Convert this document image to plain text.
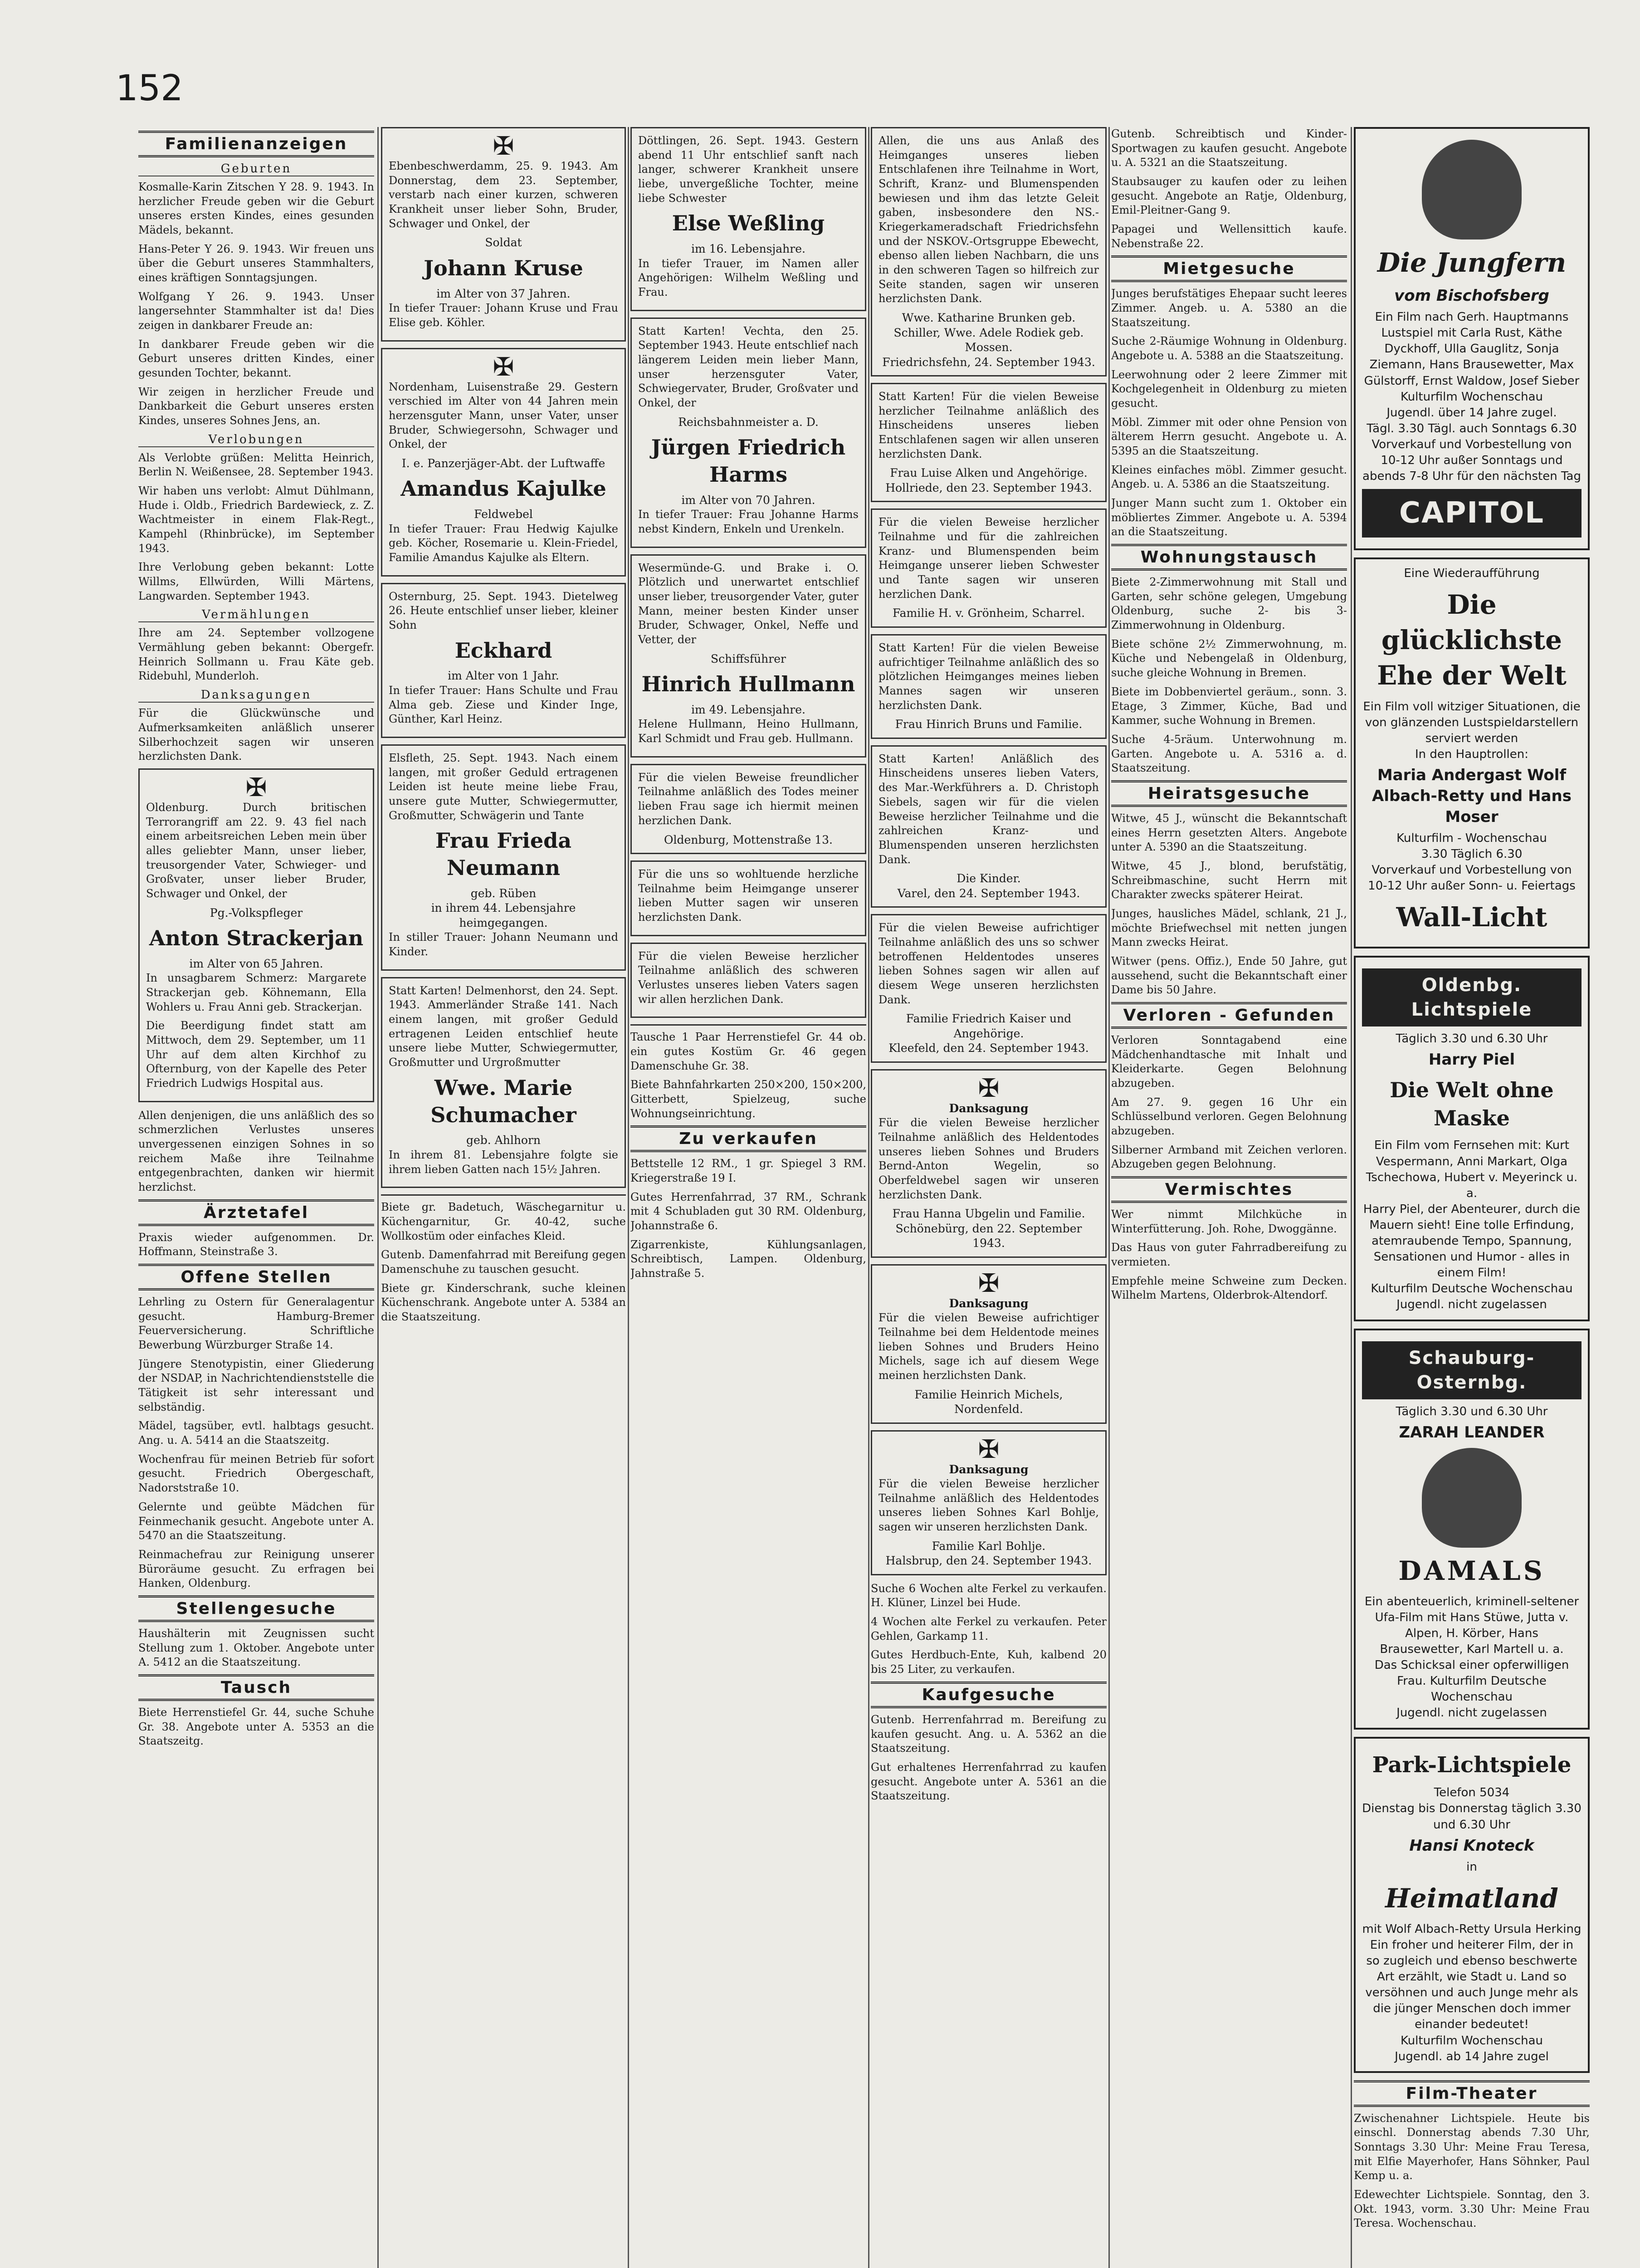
152
Familienanzeigen
Geburten

Kosmalle-Karin Zitschen Y 28. 9. 1943. In herzlicher Freude geben wir die Geburt unseres ersten Kindes, eines gesunden Mädels, bekannt.

Hans-Peter Y 26. 9. 1943. Wir freuen uns über die Geburt unseres Stammhalters, eines kräftigen Sonntagsjungen.

Wolfgang Y 26. 9. 1943. Unser langersehnter Stammhalter ist da! Dies zeigen in dankbarer Freude an:

In dankbarer Freude geben wir die Geburt unseres dritten Kindes, einer gesunden Tochter, bekannt.

Wir zeigen in herzlicher Freude und Dankbarkeit die Geburt unseres ersten Kindes, unseres Sohnes Jens, an.

Verlobungen

Als Verlobte grüßen: Melitta Heinrich, Berlin N. Weißensee, 28. September 1943.

Wir haben uns verlobt: Almut Dühlmann, Hude i. Oldb., Friedrich Bardewieck, z. Z. Wachtmeister in einem Flak-Regt., Kampehl (Rhinbrücke), im September 1943.

Ihre Verlobung geben bekannt: Lotte Willms, Ellwürden, Willi Märtens, Langwarden. September 1943.

Vermählungen

Ihre am 24. September vollzogene Vermählung geben bekannt: Obergefr. Heinrich Sollmann u. Frau Käte geb. Ridebuhl, Munderloh.

Danksagungen

Für die Glückwünsche und Aufmerksamkeiten anläßlich unserer Silberhochzeit sagen wir unseren herzlichsten Dank.

✠

Oldenburg. Durch britischen Terrorangriff am 22. 9. 43 fiel nach einem arbeitsreichen Leben mein über alles geliebter Mann, unser lieber, treusorgender Vater, Schwieger- und Großvater, unser lieber Bruder, Schwager und Onkel, der

Pg.-Volkspfleger
Anton Strackerjan
im Alter von 65 Jahren.

In unsagbarem Schmerz: Margarete Strackerjan geb. Köhnemann, Ella Wohlers u. Frau Anni geb. Strackerjan.

Die Beerdigung findet statt am Mittwoch, dem 29. September, um 11 Uhr auf dem alten Kirchhof zu Ofternburg, von der Kapelle des Peter Friedrich Ludwigs Hospital aus.

Allen denjenigen, die uns anläßlich des so schmerzlichen Verlustes unseres unvergessenen einzigen Sohnes in so reichem Maße ihre Teilnahme entgegenbrachten, danken wir hiermit herzlichst.

Ärztetafel

Praxis wieder aufgenommen. Dr. Hoffmann, Steinstraße 3.

Offene Stellen

Lehrling zu Ostern für Generalagentur gesucht. Hamburg-Bremer Feuerversicherung. Schriftliche Bewerbung Würzburger Straße 14.

Jüngere Stenotypistin, einer Gliederung der NSDAP, in Nachrichtendienststelle die Tätigkeit ist sehr interessant und selbständig.

Mädel, tagsüber, evtl. halbtags gesucht. Ang. u. A. 5414 an die Staatszeitg.

Wochenfrau für meinen Betrieb für sofort gesucht. Friedrich Obergeschaft, Nadorststraße 10.

Gelernte und geübte Mädchen für Feinmechanik gesucht. Angebote unter A. 5470 an die Staatszeitung.

Reinmachefrau zur Reinigung unserer Büroräume gesucht. Zu erfragen bei Hanken, Oldenburg.

Stellengesuche

Haushälterin mit Zeugnissen sucht Stellung zum 1. Oktober. Angebote unter A. 5412 an die Staatszeitung.

Tausch

Biete Herrenstiefel Gr. 44, suche Schuhe Gr. 38. Angebote unter A. 5353 an die Staatszeitg.

✠

Ebenbeschwerdamm, 25. 9. 1943. Am Donnerstag, dem 23. September, verstarb nach einer kurzen, schweren Krankheit unser lieber Sohn, Bruder, Schwager und Onkel, der

Soldat
Johann Kruse
im Alter von 37 Jahren.

In tiefer Trauer: Johann Kruse und Frau Elise geb. Köhler.

✠

Nordenham, Luisenstraße 29. Gestern verschied im Alter von 44 Jahren mein herzensguter Mann, unser Vater, unser Bruder, Schwiegersohn, Schwager und Onkel, der

I. e. Panzerjäger-Abt. der Luftwaffe
Amandus Kajulke
Feldwebel

In tiefer Trauer: Frau Hedwig Kajulke geb. Köcher, Rosemarie u. Klein-Friedel, Familie Amandus Kajulke als Eltern.

Osternburg, 25. Sept. 1943. Dietelweg 26. Heute entschlief unser lieber, kleiner Sohn

Eckhard
im Alter von 1 Jahr.

In tiefer Trauer: Hans Schulte und Frau Alma geb. Ziese und Kinder Inge, Günther, Karl Heinz.

Elsfleth, 25. Sept. 1943. Nach einem langen, mit großer Geduld ertragenen Leiden ist heute meine liebe Frau, unsere gute Mutter, Schwiegermutter, Großmutter, Schwägerin und Tante

Frau Frieda Neumann
geb. Rüben
in ihrem 44. Lebensjahre heimgegangen.

In stiller Trauer: Johann Neumann und Kinder.

Statt Karten! Delmenhorst, den 24. Sept. 1943. Ammerländer Straße 141. Nach einem langen, mit großer Geduld ertragenen Leiden entschlief heute unsere liebe Mutter, Schwiegermutter, Großmutter und Urgroßmutter

Wwe. Marie Schumacher
geb. Ahlhorn

In ihrem 81. Lebensjahre folgte sie ihrem lieben Gatten nach 15½ Jahren.

Biete gr. Badetuch, Wäschegarnitur u. Küchengarnitur, Gr. 40-42, suche Wollkostüm oder einfaches Kleid.

Gutenb. Damenfahrrad mit Bereifung gegen Damenschuhe zu tauschen gesucht.

Biete gr. Kinderschrank, suche kleinen Küchenschrank. Angebote unter A. 5384 an die Staatszeitung.

Döttlingen, 26. Sept. 1943. Gestern abend 11 Uhr entschlief sanft nach langer, schwerer Krankheit unsere liebe, unvergeßliche Tochter, meine liebe Schwester

Else Weßling
im 16. Lebensjahre.

In tiefer Trauer, im Namen aller Angehörigen: Wilhelm Weßling und Frau.

Statt Karten! Vechta, den 25. September 1943. Heute entschlief nach längerem Leiden mein lieber Mann, unser herzensguter Vater, Schwiegervater, Bruder, Großvater und Onkel, der

Reichsbahnmeister a. D.
Jürgen Friedrich Harms
im Alter von 70 Jahren.

In tiefer Trauer: Frau Johanne Harms nebst Kindern, Enkeln und Urenkeln.

Wesermünde-G. und Brake i. O. Plötzlich und unerwartet entschlief unser lieber, treusorgender Vater, guter Mann, meiner besten Kinder unser Bruder, Schwager, Onkel, Neffe und Vetter, der

Schiffsführer
Hinrich Hullmann
im 49. Lebensjahre.

Helene Hullmann, Heino Hullmann, Karl Schmidt und Frau geb. Hullmann.

Für die vielen Beweise freundlicher Teilnahme anläßlich des Todes meiner lieben Frau sage ich hiermit meinen herzlichen Dank.

Oldenburg, Mottenstraße 13.

Für die uns so wohltuende herzliche Teilnahme beim Heimgange unserer lieben Mutter sagen wir unseren herzlichsten Dank.

Für die vielen Beweise herzlicher Teilnahme anläßlich des schweren Verlustes unseres lieben Vaters sagen wir allen herzlichen Dank.

Tausche 1 Paar Herrenstiefel Gr. 44 ob. ein gutes Kostüm Gr. 46 gegen Damenschuhe Gr. 38.

Biete Bahnfahrkarten 250×200, 150×200, Gitterbett, Spielzeug, suche Wohnungseinrichtung.

Zu verkaufen

Bettstelle 12 RM., 1 gr. Spiegel 3 RM. Kriegerstraße 19 I.

Gutes Herrenfahrrad, 37 RM., Schrank mit 4 Schubladen gut 30 RM. Oldenburg, Johannstraße 6.

Zigarrenkiste, Kühlungsanlagen, Schreibtisch, Lampen. Oldenburg, Jahnstraße 5.

Allen, die uns aus Anlaß des Heimganges unseres lieben Entschlafenen ihre Teilnahme in Wort, Schrift, Kranz- und Blumenspenden bewiesen und ihm das letzte Geleit gaben, insbesondere den NS.-Kriegerkameradschaft Friedrichsfehn und der NSKOV.-Ortsgruppe Ebewecht, ebenso allen lieben Nachbarn, die uns in den schweren Tagen so hilfreich zur Seite standen, sagen wir unseren herzlichsten Dank.

Wwe. Katharine Brunken geb. Schiller, Wwe. Adele Rodiek geb. Mossen.
Friedrichsfehn, 24. September 1943.

Statt Karten! Für die vielen Beweise herzlicher Teilnahme anläßlich des Hinscheidens unseres lieben Entschlafenen sagen wir allen unseren herzlichsten Dank.

Frau Luise Alken und Angehörige.
Hollriede, den 23. September 1943.

Für die vielen Beweise herzlicher Teilnahme und für die zahlreichen Kranz- und Blumenspenden beim Heimgange unserer lieben Schwester und Tante sagen wir unseren herzlichen Dank.

Familie H. v. Grönheim, Scharrel.

Statt Karten! Für die vielen Beweise aufrichtiger Teilnahme anläßlich des so plötzlichen Heimganges meines lieben Mannes sagen wir unseren herzlichsten Dank.

Frau Hinrich Bruns und Familie.

Statt Karten! Anläßlich des Hinscheidens unseres lieben Vaters, des Mar.-Werkführers a. D. Christoph Siebels, sagen wir für die vielen Beweise herzlicher Teilnahme und die zahlreichen Kranz- und Blumenspenden unseren herzlichsten Dank.

Die Kinder.
Varel, den 24. September 1943.

Für die vielen Beweise aufrichtiger Teilnahme anläßlich des uns so schwer betroffenen Heldentodes unseres lieben Sohnes sagen wir allen auf diesem Wege unseren herzlichsten Dank.

Familie Friedrich Kaiser und Angehörige.
Kleefeld, den 24. September 1943.
✠
Danksagung

Für die vielen Beweise herzlicher Teilnahme anläßlich des Heldentodes unseres lieben Sohnes und Bruders Bernd-Anton Wegelin, so Oberfeldwebel sagen wir unseren herzlichsten Dank.

Frau Hanna Ubgelin und Familie.
Schönebürg, den 22. September 1943.
✠
Danksagung

Für die vielen Beweise aufrichtiger Teilnahme bei dem Heldentode meines lieben Sohnes und Bruders Heino Michels, sage ich auf diesem Wege meinen herzlichsten Dank.

Familie Heinrich Michels, Nordenfeld.
✠
Danksagung

Für die vielen Beweise herzlicher Teilnahme anläßlich des Heldentodes unseres lieben Sohnes Karl Bohlje, sagen wir unseren herzlichsten Dank.

Familie Karl Bohlje.
Halsbrup, den 24. September 1943.

Suche 6 Wochen alte Ferkel zu verkaufen. H. Klüner, Linzel bei Hude.

4 Wochen alte Ferkel zu verkaufen. Peter Gehlen, Garkamp 11.

Gutes Herdbuch-Ente, Kuh, kalbend 20 bis 25 Liter, zu verkaufen.

Kaufgesuche

Gutenb. Herrenfahrrad m. Bereifung zu kaufen gesucht. Ang. u. A. 5362 an die Staatszeitung.

Gut erhaltenes Herrenfahrrad zu kaufen gesucht. Angebote unter A. 5361 an die Staatszeitung.

Gutenb. Schreibtisch und Kinder-Sportwagen zu kaufen gesucht. Angebote u. A. 5321 an die Staatszeitung.

Staubsauger zu kaufen oder zu leihen gesucht. Angebote an Ratje, Oldenburg, Emil-Pleitner-Gang 9.

Papagei und Wellensittich kaufe. Nebenstraße 22.

Mietgesuche

Junges berufstätiges Ehepaar sucht leeres Zimmer. Angeb. u. A. 5380 an die Staatszeitung.

Suche 2-Räumige Wohnung in Oldenburg. Angebote u. A. 5388 an die Staatszeitung.

Leerwohnung oder 2 leere Zimmer mit Kochgelegenheit in Oldenburg zu mieten gesucht.

Möbl. Zimmer mit oder ohne Pension von älterem Herrn gesucht. Angebote u. A. 5395 an die Staatszeitung.

Kleines einfaches möbl. Zimmer gesucht. Angeb. u. A. 5386 an die Staatszeitung.

Junger Mann sucht zum 1. Oktober ein möbliertes Zimmer. Angebote u. A. 5394 an die Staatszeitung.

Wohnungstausch

Biete 2-Zimmerwohnung mit Stall und Garten, sehr schöne gelegen, Umgebung Oldenburg, suche 2- bis 3-Zimmerwohnung in Oldenburg.

Biete schöne 2½ Zimmerwohnung, m. Küche und Nebengelaß in Oldenburg, suche gleiche Wohnung in Bremen.

Biete im Dobbenviertel geräum., sonn. 3. Etage, 3 Zimmer, Küche, Bad und Kammer, suche Wohnung in Bremen.

Suche 4-5räum. Unterwohnung m. Garten. Angebote u. A. 5316 a. d. Staatszeitung.

Heiratsgesuche

Witwe, 45 J., wünscht die Bekanntschaft eines Herrn gesetzten Alters. Angebote unter A. 5390 an die Staatszeitung.

Witwe, 45 J., blond, berufstätig, Schreibmaschine, sucht Herrn mit Charakter zwecks späterer Heirat.

Junges, hausliches Mädel, schlank, 21 J., möchte Briefwechsel mit netten jungen Mann zwecks Heirat.

Witwer (pens. Offiz.), Ende 50 Jahre, gut aussehend, sucht die Bekanntschaft einer Dame bis 50 Jahre.

Verloren - Gefunden

Verloren Sonntagabend eine Mädchenhandtasche mit Inhalt und Kleiderkarte. Gegen Belohnung abzugeben.

Am 27. 9. gegen 16 Uhr ein Schlüsselbund verloren. Gegen Belohnung abzugeben.

Silberner Armband mit Zeichen verloren. Abzugeben gegen Belohnung.

Vermischtes

Wer nimmt Milchküche in Winterfütterung. Joh. Rohe, Dwoggänne.

Das Haus von guter Fahrradbereifung zu vermieten.

Empfehle meine Schweine zum Decken. Wilhelm Martens, Olderbrok-Altendorf.

Die Jungfern
vom Bischofsberg
Ein Film nach Gerh. Hauptmanns Lustspiel mit Carla Rust, Käthe Dyckhoff, Ulla Gauglitz, Sonja Ziemann, Hans Brausewetter, Max Gülstorff, Ernst Waldow, Josef Sieber
Kulturfilm Wochenschau
Jugendl. über 14 Jahre zugel.
Tägl. 3.30 Tägl. auch Sonntags 6.30
Vorverkauf und Vorbestellung von 10-12 Uhr außer Sonntags und abends 7-8 Uhr für den nächsten Tag
CAPITOL
Eine Wiederaufführung
Die glücklichste Ehe der Welt
Ein Film voll witziger Situationen, die von glänzenden Lustspieldarstellern serviert werden
In den Hauptrollen:
Maria Andergast Wolf Albach-Retty und Hans Moser
Kulturfilm - Wochenschau
3.30 Täglich 6.30
Vorverkauf und Vorbestellung von 10-12 Uhr außer Sonn- u. Feiertags
Wall-Licht
Oldenbg. Lichtspiele
Täglich 3.30 und 6.30 Uhr
Harry Piel
Die Welt ohne Maske
Ein Film vom Fernsehen mit: Kurt Vespermann, Anni Markart, Olga Tschechowa, Hubert v. Meyerinck u. a.
Harry Piel, der Abenteurer, durch die Mauern sieht! Eine tolle Erfindung, atemraubende Tempo, Spannung, Sensationen und Humor - alles in einem Film!
Kulturfilm Deutsche Wochenschau
Jugendl. nicht zugelassen
Schauburg-Osternbg.
Täglich 3.30 und 6.30 Uhr
ZARAH LEANDER
DAMALS
Ein abenteuerlich, kriminell-seltener Ufa-Film mit Hans Stüwe, Jutta v. Alpen, H. Körber, Hans Brausewetter, Karl Martell u. a.
Das Schicksal einer opferwilligen Frau. Kulturfilm Deutsche Wochenschau
Jugendl. nicht zugelassen
Park-Lichtspiele
Telefon 5034
Dienstag bis Donnerstag täglich 3.30 und 6.30 Uhr
Hansi Knoteck
in
Heimatland
mit Wolf Albach-Retty Ursula Herking
Ein froher und heiterer Film, der in so zugleich und ebenso beschwerte Art erzählt, wie Stadt u. Land so versöhnen und auch Junge mehr als die jünger Menschen doch immer einander bedeutet!
Kulturfilm Wochenschau
Jugendl. ab 14 Jahre zugel
Film-Theater

Zwischenahner Lichtspiele. Heute bis einschl. Donnerstag abends 7.30 Uhr, Sonntags 3.30 Uhr: Meine Frau Teresa, mit Elfie Mayerhofer, Hans Söhnker, Paul Kemp u. a.

Edewechter Lichtspiele. Sonntag, den 3. Okt. 1943, vorm. 3.30 Uhr: Meine Frau Teresa. Wochenschau.
